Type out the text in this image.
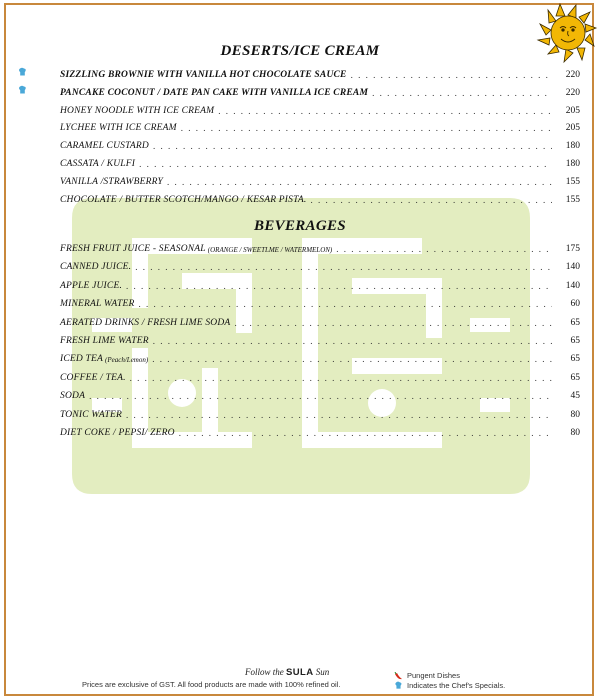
DESERTS/ICE CREAM
SIZZLING BROWNIE WITH VANILLA HOT CHOCOLATE SAUCE . . .	220
PANCAKE COCONUT / DATE PAN CAKE WITH VANILLA ICE CREAM . . .	220
HONEY NOODLE WITH ICE CREAM . . .	205
LYCHEE WITH ICE CREAM . . .	205
CARAMEL CUSTARD . . .	180
CASSATA / KULFI . . .	180
VANILLA /STRAWBERRY . . .	155
CHOCOLATE / BUTTER SCOTCH/MANGO / KESAR PISTA. . . .	155
BEVERAGES
FRESH FRUIT JUICE - SEASONAL (ORANGE / SWEETLME / WATERMELON) . . .	175
CANNED JUICE. . . .	140
APPLE JUICE. . . .	140
MINERAL WATER . . .	60
AERATED DRINKS / FRESH LIME SODA . . .	65
FRESH LIME WATER . . .	65
ICED TEA (Peach/Lemon) . . .	65
COFFEE / TEA. . . .	65
SODA . . .	45
TONIC WATER . . .	80
DIET COKE / PEPSI/ ZERO . . .	80
Follow the SULA Sun
Prices are exclusive of GST. All food products are made with 100% refined oil.
Pungent Dishes
Indicates the Chef's Specials.
